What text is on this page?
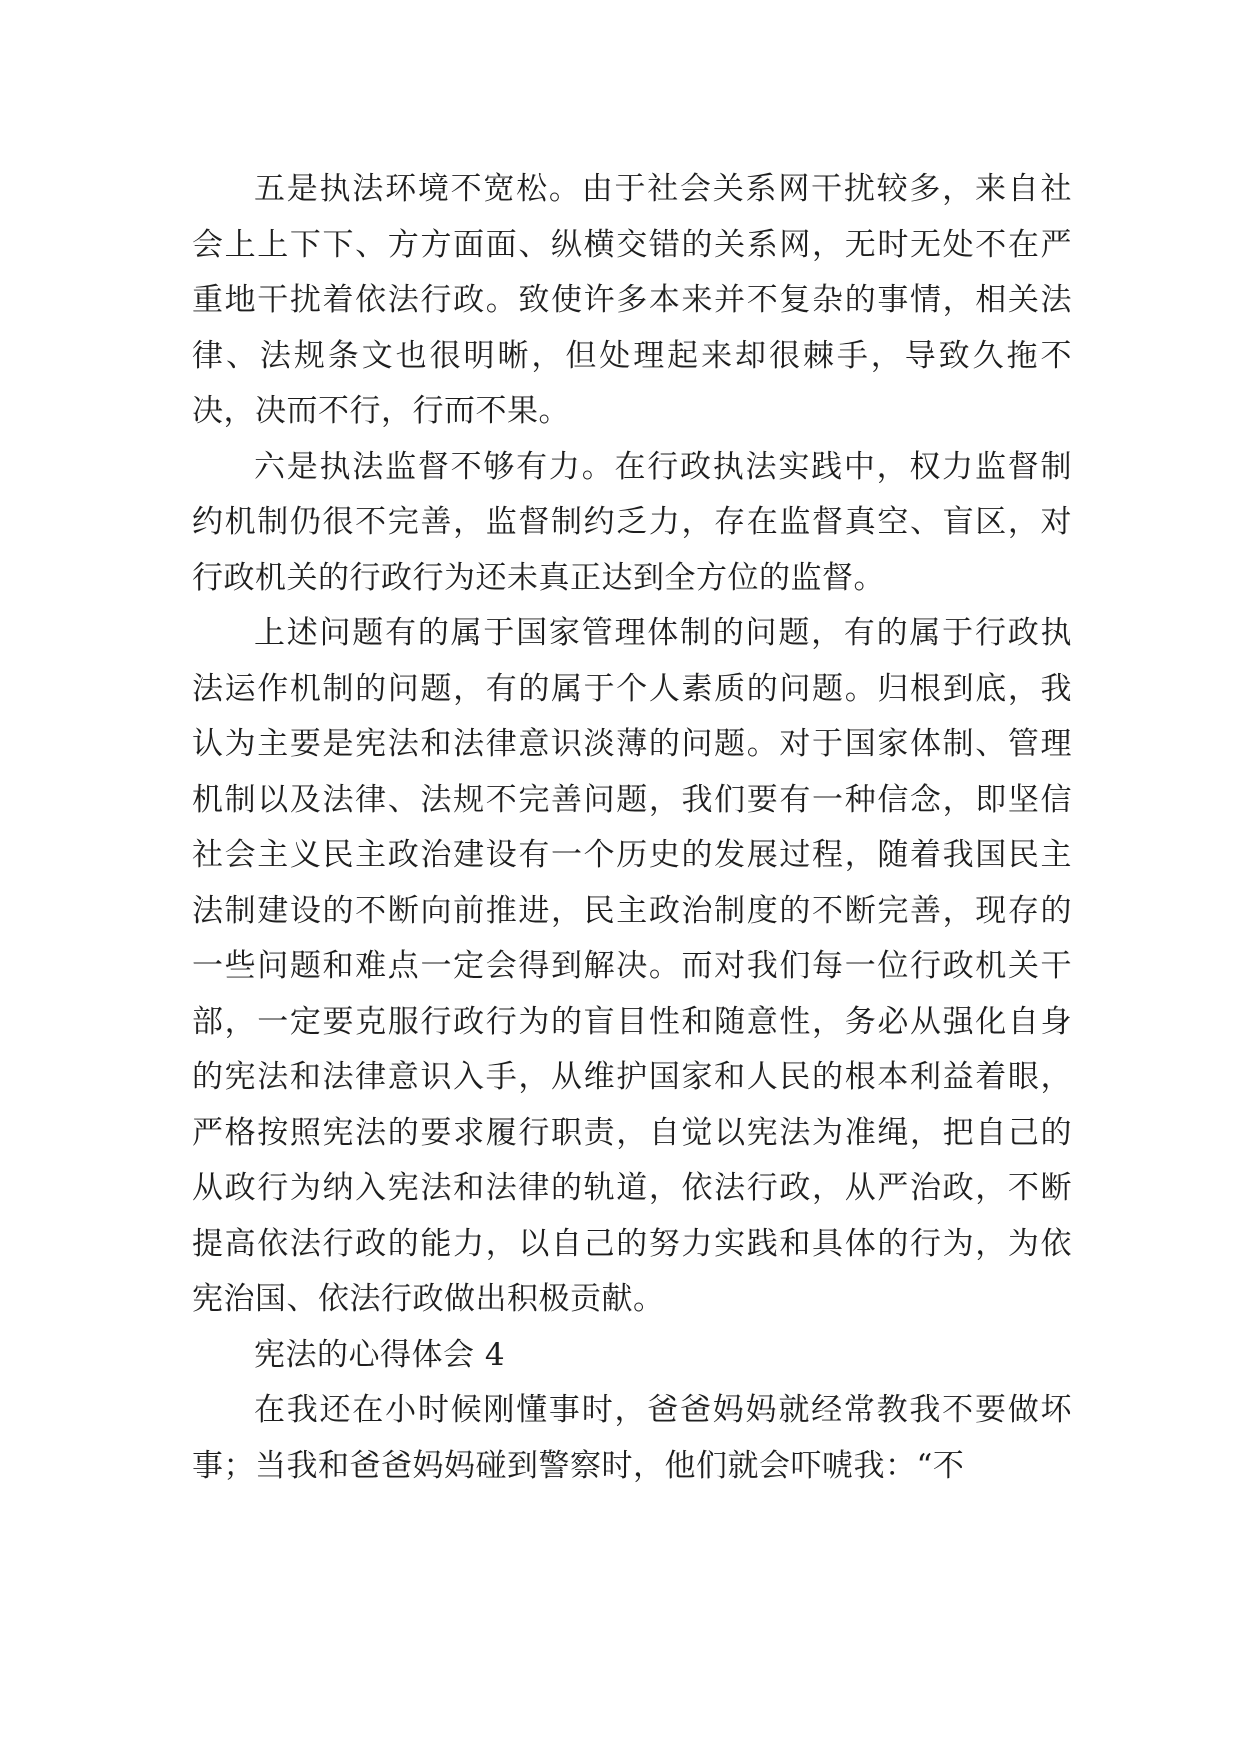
五是执法环境不宽松。由于社会关系网干扰较多，来自社会上上下下、方方面面、纵横交错的关系网，无时无处不在严重地干扰着依法行政。致使许多本来并不复杂的事情，相关法律、法规条文也很明晰，但处理起来却很棘手，导致久拖不决，决而不行，行而不果。

六是执法监督不够有力。在行政执法实践中，权力监督制约机制仍很不完善，监督制约乏力，存在监督真空、盲区，对行政机关的行政行为还未真正达到全方位的监督。

上述问题有的属于国家管理体制的问题，有的属于行政执法运作机制的问题，有的属于个人素质的问题。归根到底，我认为主要是宪法和法律意识淡薄的问题。对于国家体制、管理机制以及法律、法规不完善问题，我们要有一种信念，即坚信社会主义民主政治建设有一个历史的发展过程，随着我国民主法制建设的不断向前推进，民主政治制度的不断完善，现存的一些问题和难点一定会得到解决。而对我们每一位行政机关干部，一定要克服行政行为的盲目性和随意性，务必从强化自身的宪法和法律意识入手，从维护国家和人民的根本利益着眼，严格按照宪法的要求履行职责，自觉以宪法为准绳，把自己的从政行为纳入宪法和法律的轨道，依法行政，从严治政，不断提高依法行政的能力，以自己的努力实践和具体的行为，为依宪治国、依法行政做出积极贡献。

宪法的心得体会 4

在我还在小时候刚懂事时，爸爸妈妈就经常教我不要做坏事；当我和爸爸妈妈碰到警察时，他们就会吓唬我：“不
